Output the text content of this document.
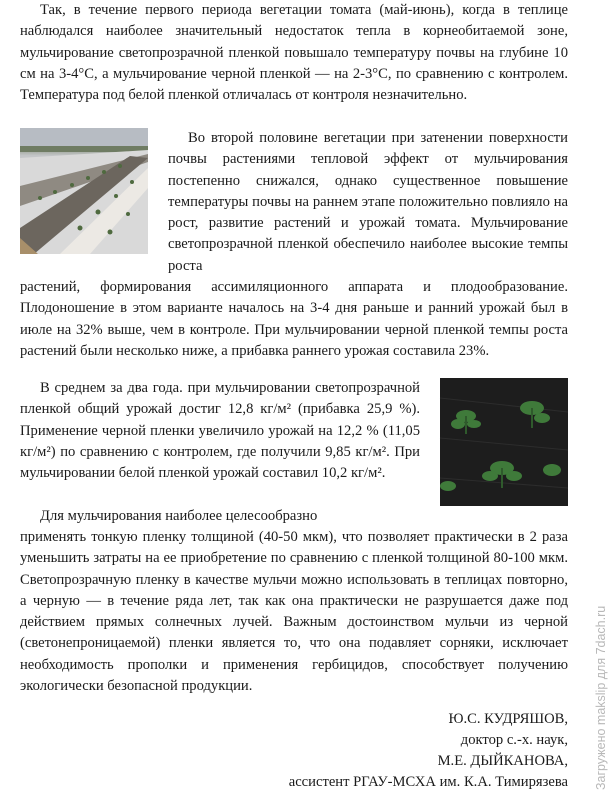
Так, в течение первого периода вегетации томата (май-июнь), когда в теплице наблюдался наиболее значительный недостаток тепла в корнеобитаемой зоне, мульчирование светопрозрачной пленкой повышало температуру почвы на глубине 10 см на 3-4°С, а мульчирование черной пленкой — на 2-3°С, по сравнению с контролем. Температура под белой пленкой отличалась от контроля незначительно.

Во второй половине вегетации при затенении поверхности почвы растениями тепловой эффект от мульчирования постепенно снижался, однако существенное повышение температуры почвы на раннем этапе положительно повлияло на рост, развитие растений и урожай томата. Мульчирование светопрозрачной пленкой обеспечило наиболее высокие темпы роста

растений, формирования ассимиляционного аппарата и плодообразование. Плодоношение в этом варианте началось на 3-4 дня раньше и ранний урожай был в июле на 32% выше, чем в контроле. При мульчировании черной пленкой темпы роста растений были несколько ниже, а прибавка раннего урожая составила 23%.

В среднем за два года. при мульчировании светопрозрачной пленкой общий урожай достиг 12,8 кг/м² (прибавка 25,9 %). Применение черной пленки увеличило урожай на 12,2 % (11,05 кг/м²) по сравнению с контролем, где получили 9,85 кг/м². При мульчировании белой пленкой урожай составил 10,2 кг/м².

Для мульчирования наиболее целесообразно

применять тонкую пленку толщиной (40-50 мкм), что позволяет практически в 2 раза уменьшить затраты на ее приобретение по сравнению с пленкой толщиной 80-100 мкм. Светопрозрачную пленку в качестве мульчи можно использовать в теплицах повторно, а черную — в течение ряда лет, так как она практически не разрушается даже под действием прямых солнечных лучей. Важным достоинством мульчи из черной (светонепроницаемой) пленки является то, что она подавляет сорняки, исключает необходимость прополки и применения гербицидов, способствует получению экологически безопасной продукции.

Ю.С. КУДРЯШОВ,
доктор с.-х. наук,
М.Е. ДЫЙКАНОВА,
ассистент РГАУ-МСХА им. К.А. Тимирязева Загружено makslip для 7dach.ru
